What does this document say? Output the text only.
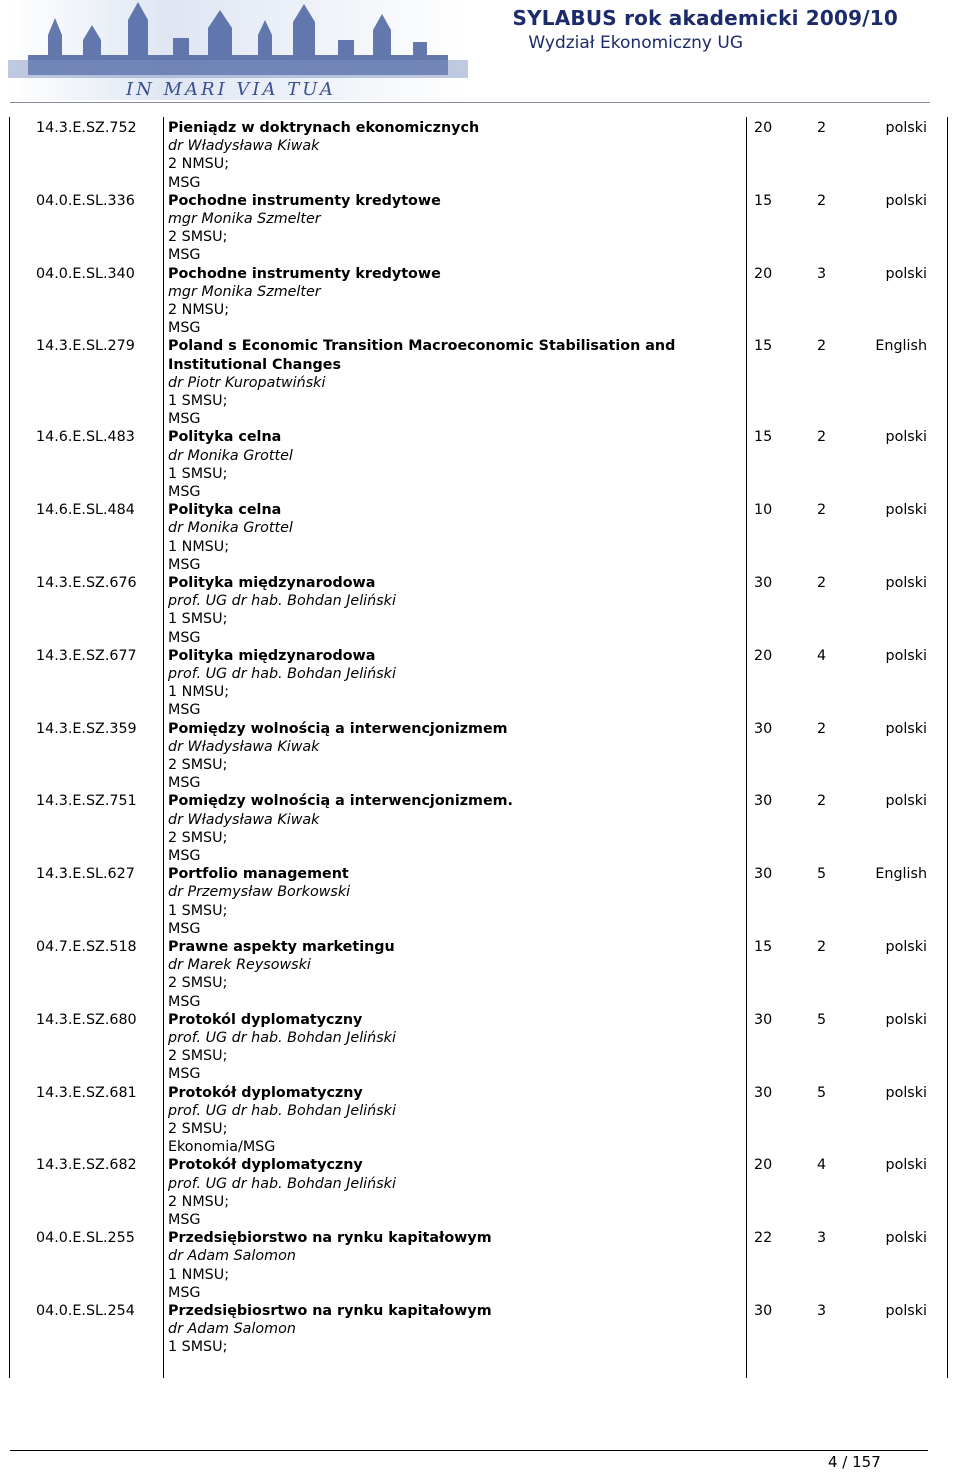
IN MARI VIA TUA
SYLABUS rok akademicki 2009/10
Wydział Ekonomiczny UG
14.3.E.SZ.752 Pieniądz w doktrynach ekonomicznych
dr Władysława Kiwak
2 NMSU;
MSG
20	2	polski
04.0.E.SL.336 Pochodne instrumenty kredytowe
mgr Monika Szmelter
2 SMSU;
MSG
15	2	polski
04.0.E.SL.340 Pochodne instrumenty kredytowe
mgr Monika Szmelter
2 NMSU;
MSG
20	3	polski
14.3.E.SL.279	Poland s Economic Transition Macroeconomic Stabilisation and Institutional Changes
dr Piotr Kuropatwiński
1 SMSU;
MSG
15	2	English
14.6.E.SL.483 Polityka celna
dr Monika Grottel
1 SMSU;
MSG
15	2	polski
14.6.E.SL.484 Polityka celna
dr Monika Grottel
1 NMSU;
MSG
10	2	polski
14.3.E.SZ.676 Polityka międzynarodowa
prof. UG dr hab. Bohdan Jeliński
1 SMSU;
MSG
30	2	polski
14.3.E.SZ.677 Polityka międzynarodowa
prof. UG dr hab. Bohdan Jeliński
1 NMSU;
MSG
20	4	polski
14.3.E.SZ.359 Pomiędzy wolnością a interwencjonizmem
dr Władysława Kiwak
2 SMSU;
MSG
30	2	polski
14.3.E.SZ.751 Pomiędzy wolnością a interwencjonizmem.
dr Władysława Kiwak
2 SMSU;
MSG
30	2	polski
14.3.E.SL.627 Portfolio management
dr Przemysław Borkowski
1 SMSU;
MSG
30	5	English
04.7.E.SZ.518 Prawne aspekty marketingu
dr Marek Reysowski
2 SMSU;
MSG
15	2	polski
14.3.E.SZ.680 Protokól dyplomatyczny
prof. UG dr hab. Bohdan Jeliński
2 SMSU;
MSG
30	5	polski
14.3.E.SZ.681 Protokół dyplomatyczny
prof. UG dr hab. Bohdan Jeliński
2 SMSU;
Ekonomia/MSG
30	5	polski
14.3.E.SZ.682 Protokół dyplomatyczny
prof. UG dr hab. Bohdan Jeliński
2 NMSU;
MSG
20	4	polski
04.0.E.SL.255 Przedsiębiorstwo na rynku kapitałowym
dr Adam Salomon
1 NMSU;
MSG
22	3	polski
04.0.E.SL.254 Przedsiębiosrtwo na rynku kapitałowym
dr Adam Salomon
1 SMSU;
30	3	polski
4 / 157
